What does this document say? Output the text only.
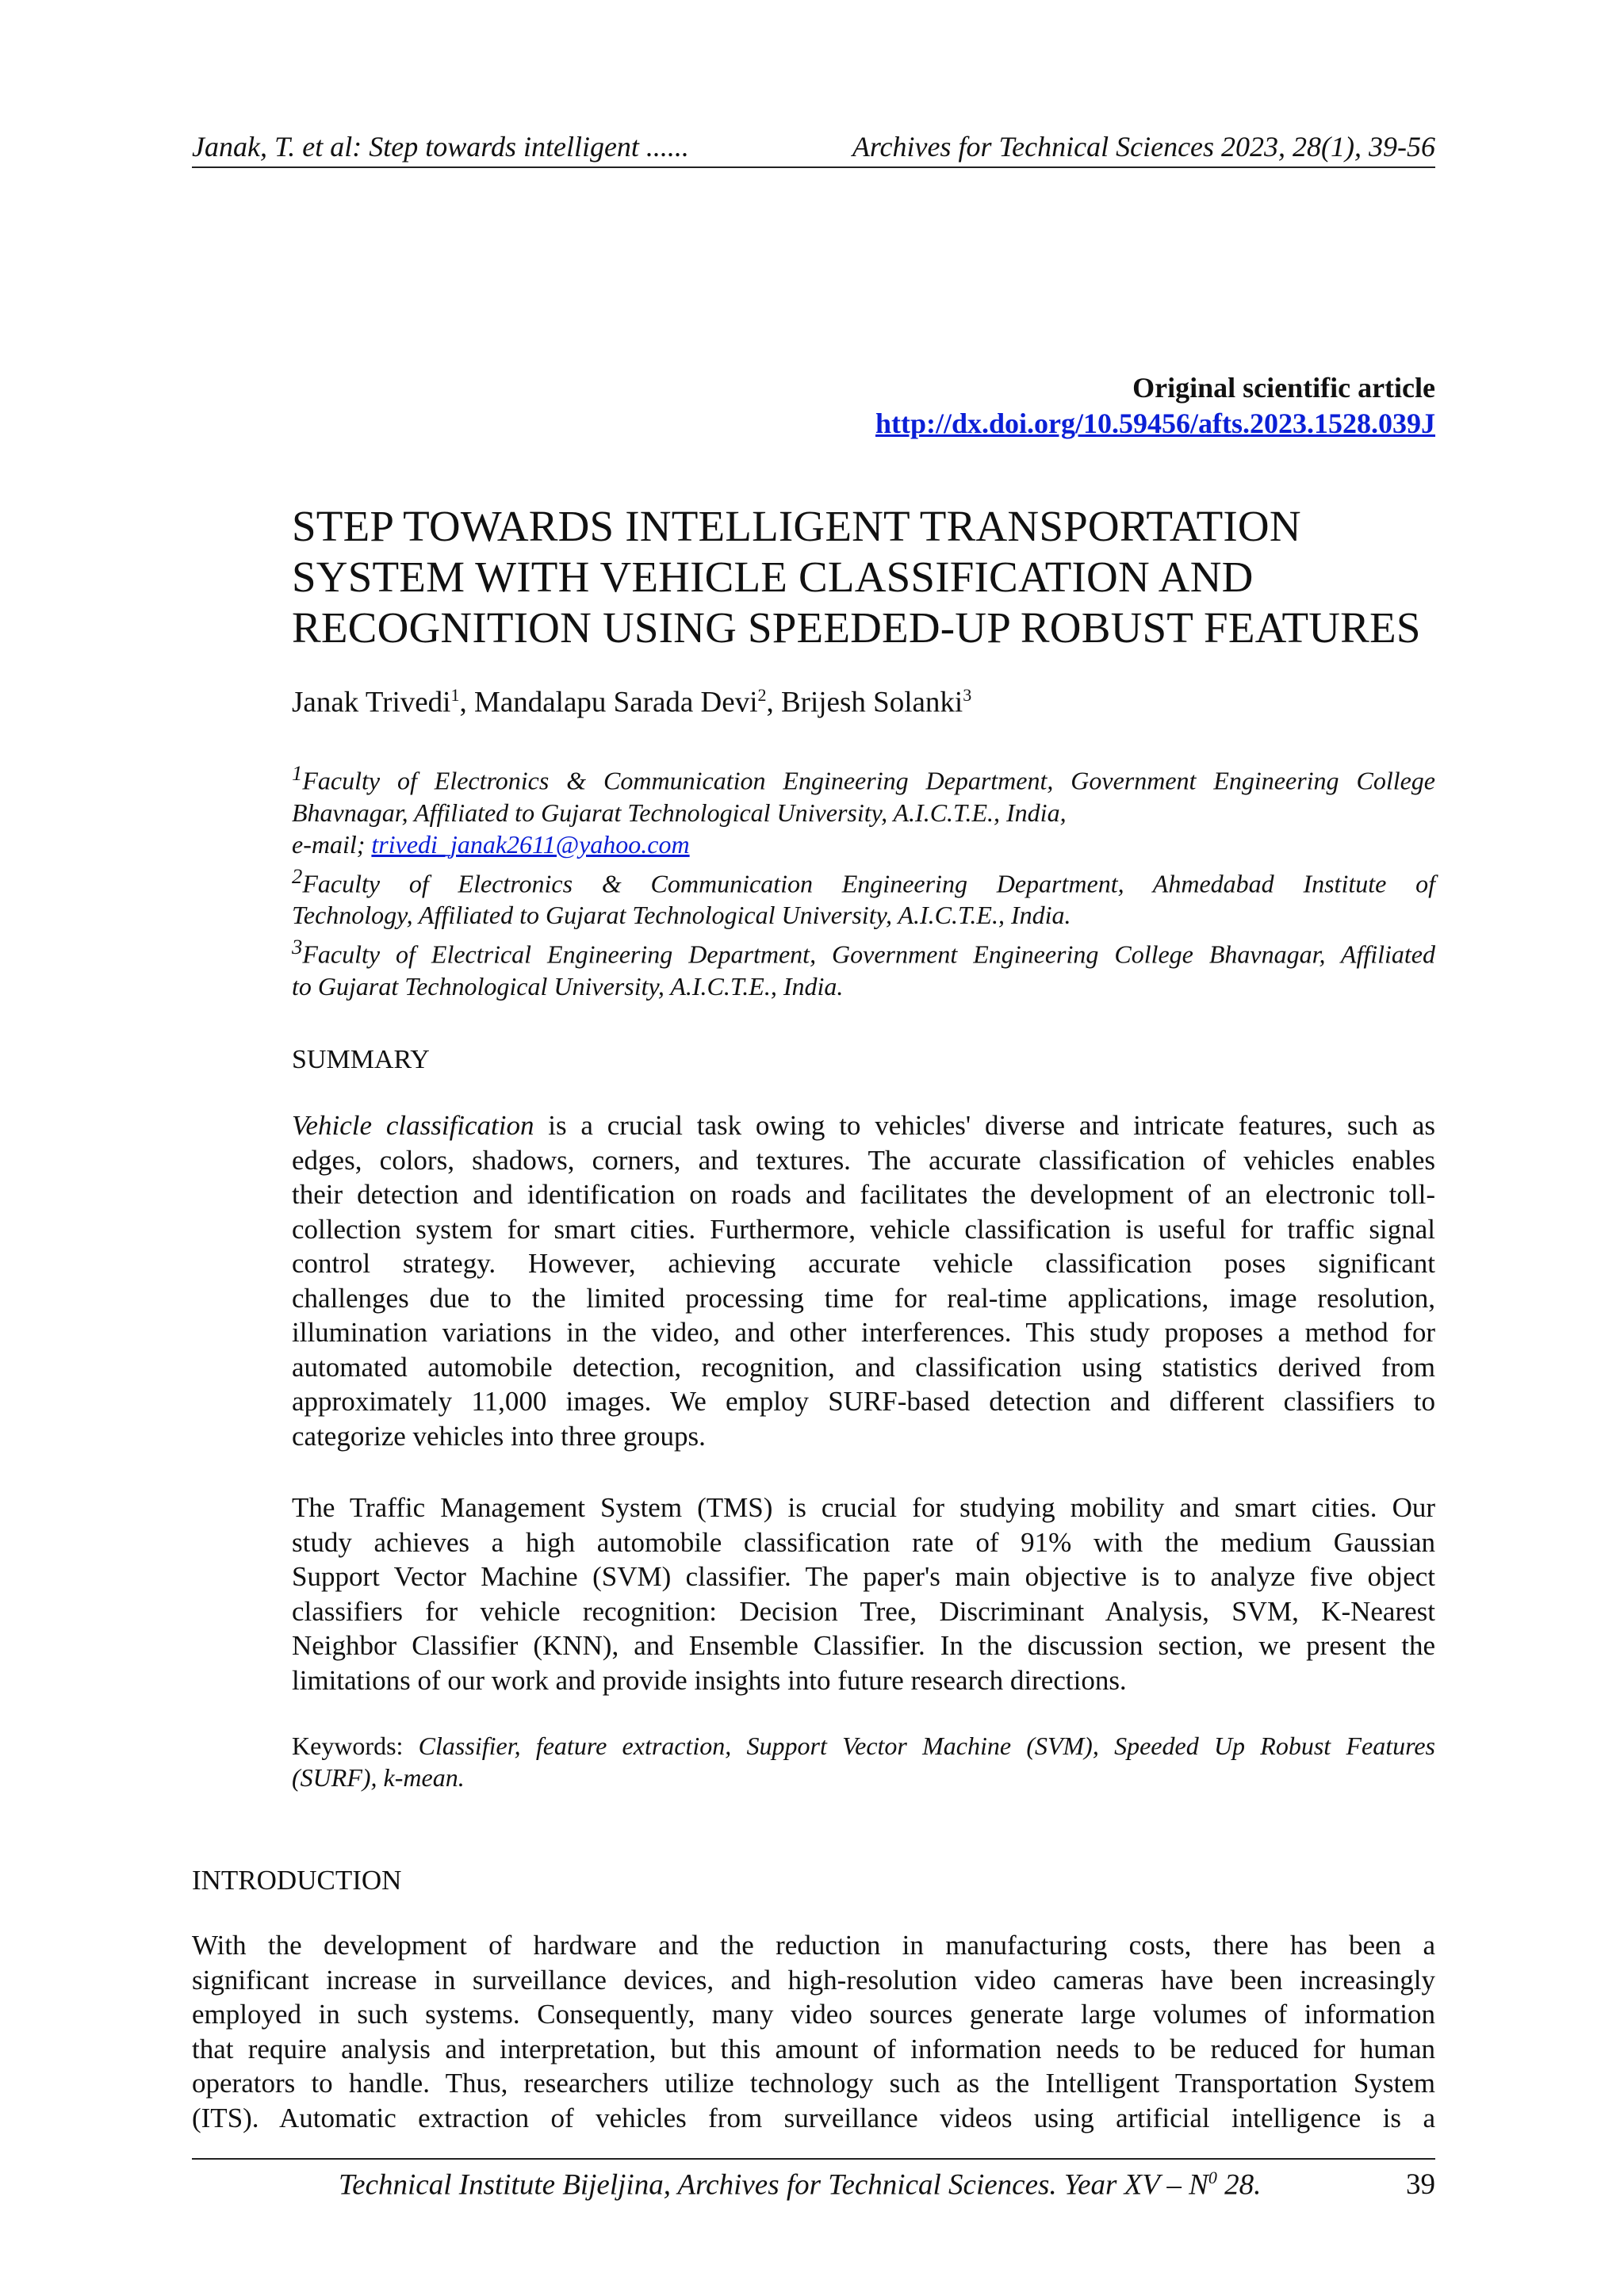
Janak, T. et al: Step towards intelligent ......	Archives for Technical Sciences 2023, 28(1), 39-56
Original scientific article
http://dx.doi.org/10.59456/afts.2023.1528.039J
STEP TOWARDS INTELLIGENT TRANSPORTATION
SYSTEM WITH VEHICLE CLASSIFICATION AND
RECOGNITION USING SPEEDED-UP ROBUST FEATURES
Janak Trivedi$^1$, Mandalapu Sarada Devi$^2$, Brijesh Solanki$^3$
$^1$Faculty of Electronics & Communication Engineering Department, Government Engineering College
Bhavnagar, Affiliated to Gujarat Technological University, A.I.C.T.E., India,
e-mail; trivedi_janak2611@yahoo.com
$^2$Faculty of Electronics & Communication Engineering Department, Ahmedabad Institute of
Technology, Affiliated to Gujarat Technological University, A.I.C.T.E., India.
$^3$Faculty of Electrical Engineering Department, Government Engineering College Bhavnagar, Affiliated
to Gujarat Technological University, A.I.C.T.E., India.
SUMMARY
Vehicle classification is a crucial task owing to vehicles' diverse and intricate features, such as
edges, colors, shadows, corners, and textures. The accurate classification of vehicles enables
their detection and identification on roads and facilitates the development of an electronic toll-
collection system for smart cities. Furthermore, vehicle classification is useful for traffic signal
control strategy. However, achieving accurate vehicle classification poses significant
challenges due to the limited processing time for real-time applications, image resolution,
illumination variations in the video, and other interferences. This study proposes a method for
automated automobile detection, recognition, and classification using statistics derived from
approximately 11,000 images. We employ SURF-based detection and different classifiers to
categorize vehicles into three groups.
The Traffic Management System (TMS) is crucial for studying mobility and smart cities. Our
study achieves a high automobile classification rate of 91% with the medium Gaussian
Support Vector Machine (SVM) classifier. The paper's main objective is to analyze five object
classifiers for vehicle recognition: Decision Tree, Discriminant Analysis, SVM, K-Nearest
Neighbor Classifier (KNN), and Ensemble Classifier. In the discussion section, we present the
limitations of our work and provide insights into future research directions.
Keywords: Classifier, feature extraction, Support Vector Machine (SVM), Speeded Up Robust Features
(SURF), k-mean.
INTRODUCTION
With the development of hardware and the reduction in manufacturing costs, there has been a
significant increase in surveillance devices, and high-resolution video cameras have been increasingly
employed in such systems. Consequently, many video sources generate large volumes of information
that require analysis and interpretation, but this amount of information needs to be reduced for human
operators to handle. Thus, researchers utilize technology such as the Intelligent Transportation System
(ITS). Automatic extraction of vehicles from surveillance videos using artificial intelligence is a
Technical Institute Bijeljina, Archives for Technical Sciences. Year XV – $N^0$ 28.	39
